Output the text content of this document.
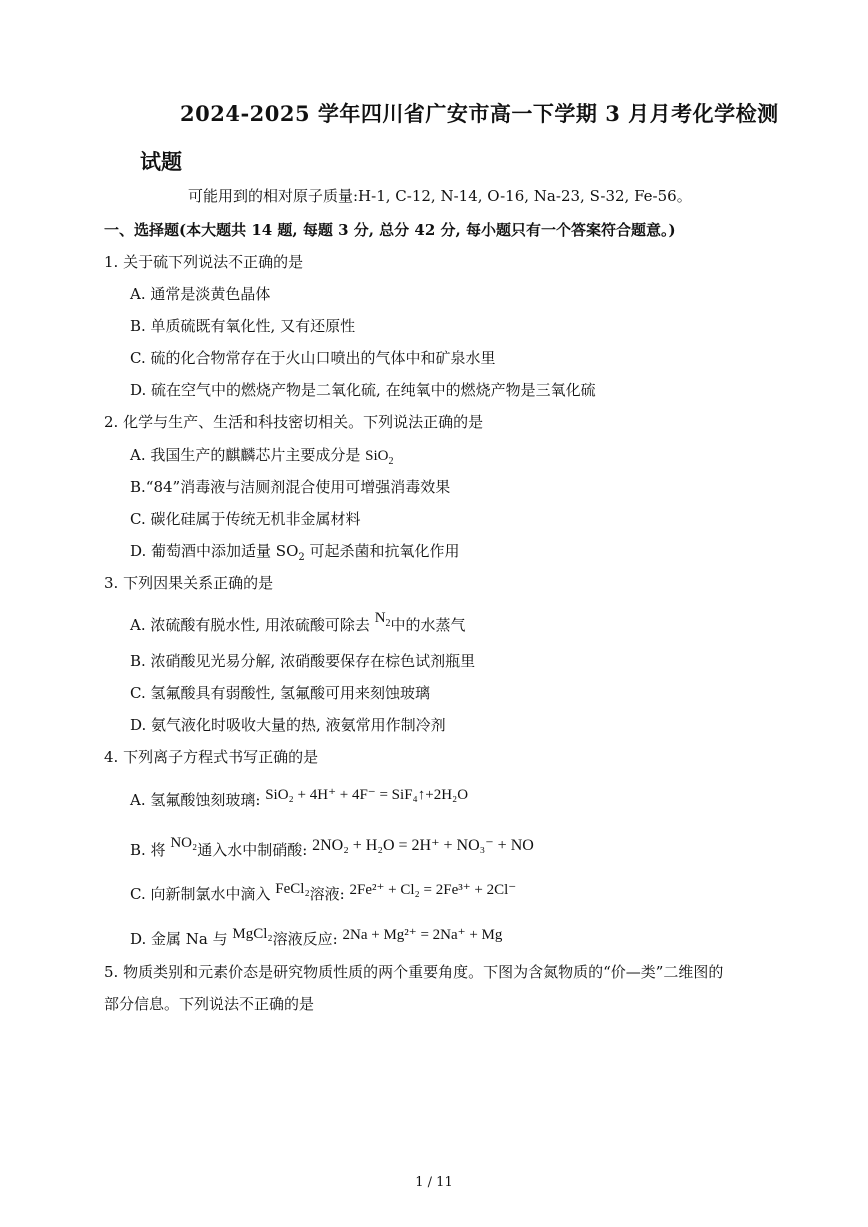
2024-2025 学年四川省广安市高一下学期 3 月月考化学检测
试题
可能用到的相对原子质量:H-1, C-12, N-14, O-16, Na-23, S-32, Fe-56。
一、选择题(本大题共 14 题, 每题 3 分, 总分 42 分, 每小题只有一个答案符合题意。)
1. 关于硫下列说法不正确的是
A. 通常是淡黄色晶体
B. 单质硫既有氧化性, 又有还原性
C. 硫的化合物常存在于火山口喷出的气体中和矿泉水里
D. 硫在空气中的燃烧产物是二氧化硫, 在纯氧中的燃烧产物是三氧化硫
2. 化学与生产、生活和科技密切相关。下列说法正确的是
A. 我国生产的麒麟芯片主要成分是 SiO$_2$
B.“84”消毒液与洁厕剂混合使用可增强消毒效果
C. 碳化硅属于传统无机非金属材料
D. 葡萄酒中添加适量 $SO_2$ 可起杀菌和抗氧化作用
3. 下列因果关系正确的是
A. 浓硫酸有脱水性, 用浓硫酸可除去 $N_2$中的水蒸气
B. 浓硝酸见光易分解, 浓硝酸要保存在棕色试剂瓶里
C. 氢氟酸具有弱酸性, 氢氟酸可用来刻蚀玻璃
D. 氨气液化时吸收大量的热, 液氨常用作制冷剂
4. 下列离子方程式书写正确的是
A. 氢氟酸蚀刻玻璃: SiO₂ + 4H⁺ + 4F⁻ = SiF₄↑+2H₂O
B. 将 NO₂通入水中制硝酸: 2NO₂ + H₂O = 2H⁺ + NO₃⁻ + NO
C. 向新制氯水中滴入 FeCl₂溶液: 2Fe²⁺ + Cl₂ = 2Fe³⁺ + 2Cl⁻
D. 金属 Na 与 MgCl₂溶液反应: 2Na + Mg²⁺ = 2Na⁺ + Mg
5. 物质类别和元素价态是研究物质性质的两个重要角度。下图为含氮物质的“价—类”二维图的
部分信息。下列说法不正确的是
1 / 11
